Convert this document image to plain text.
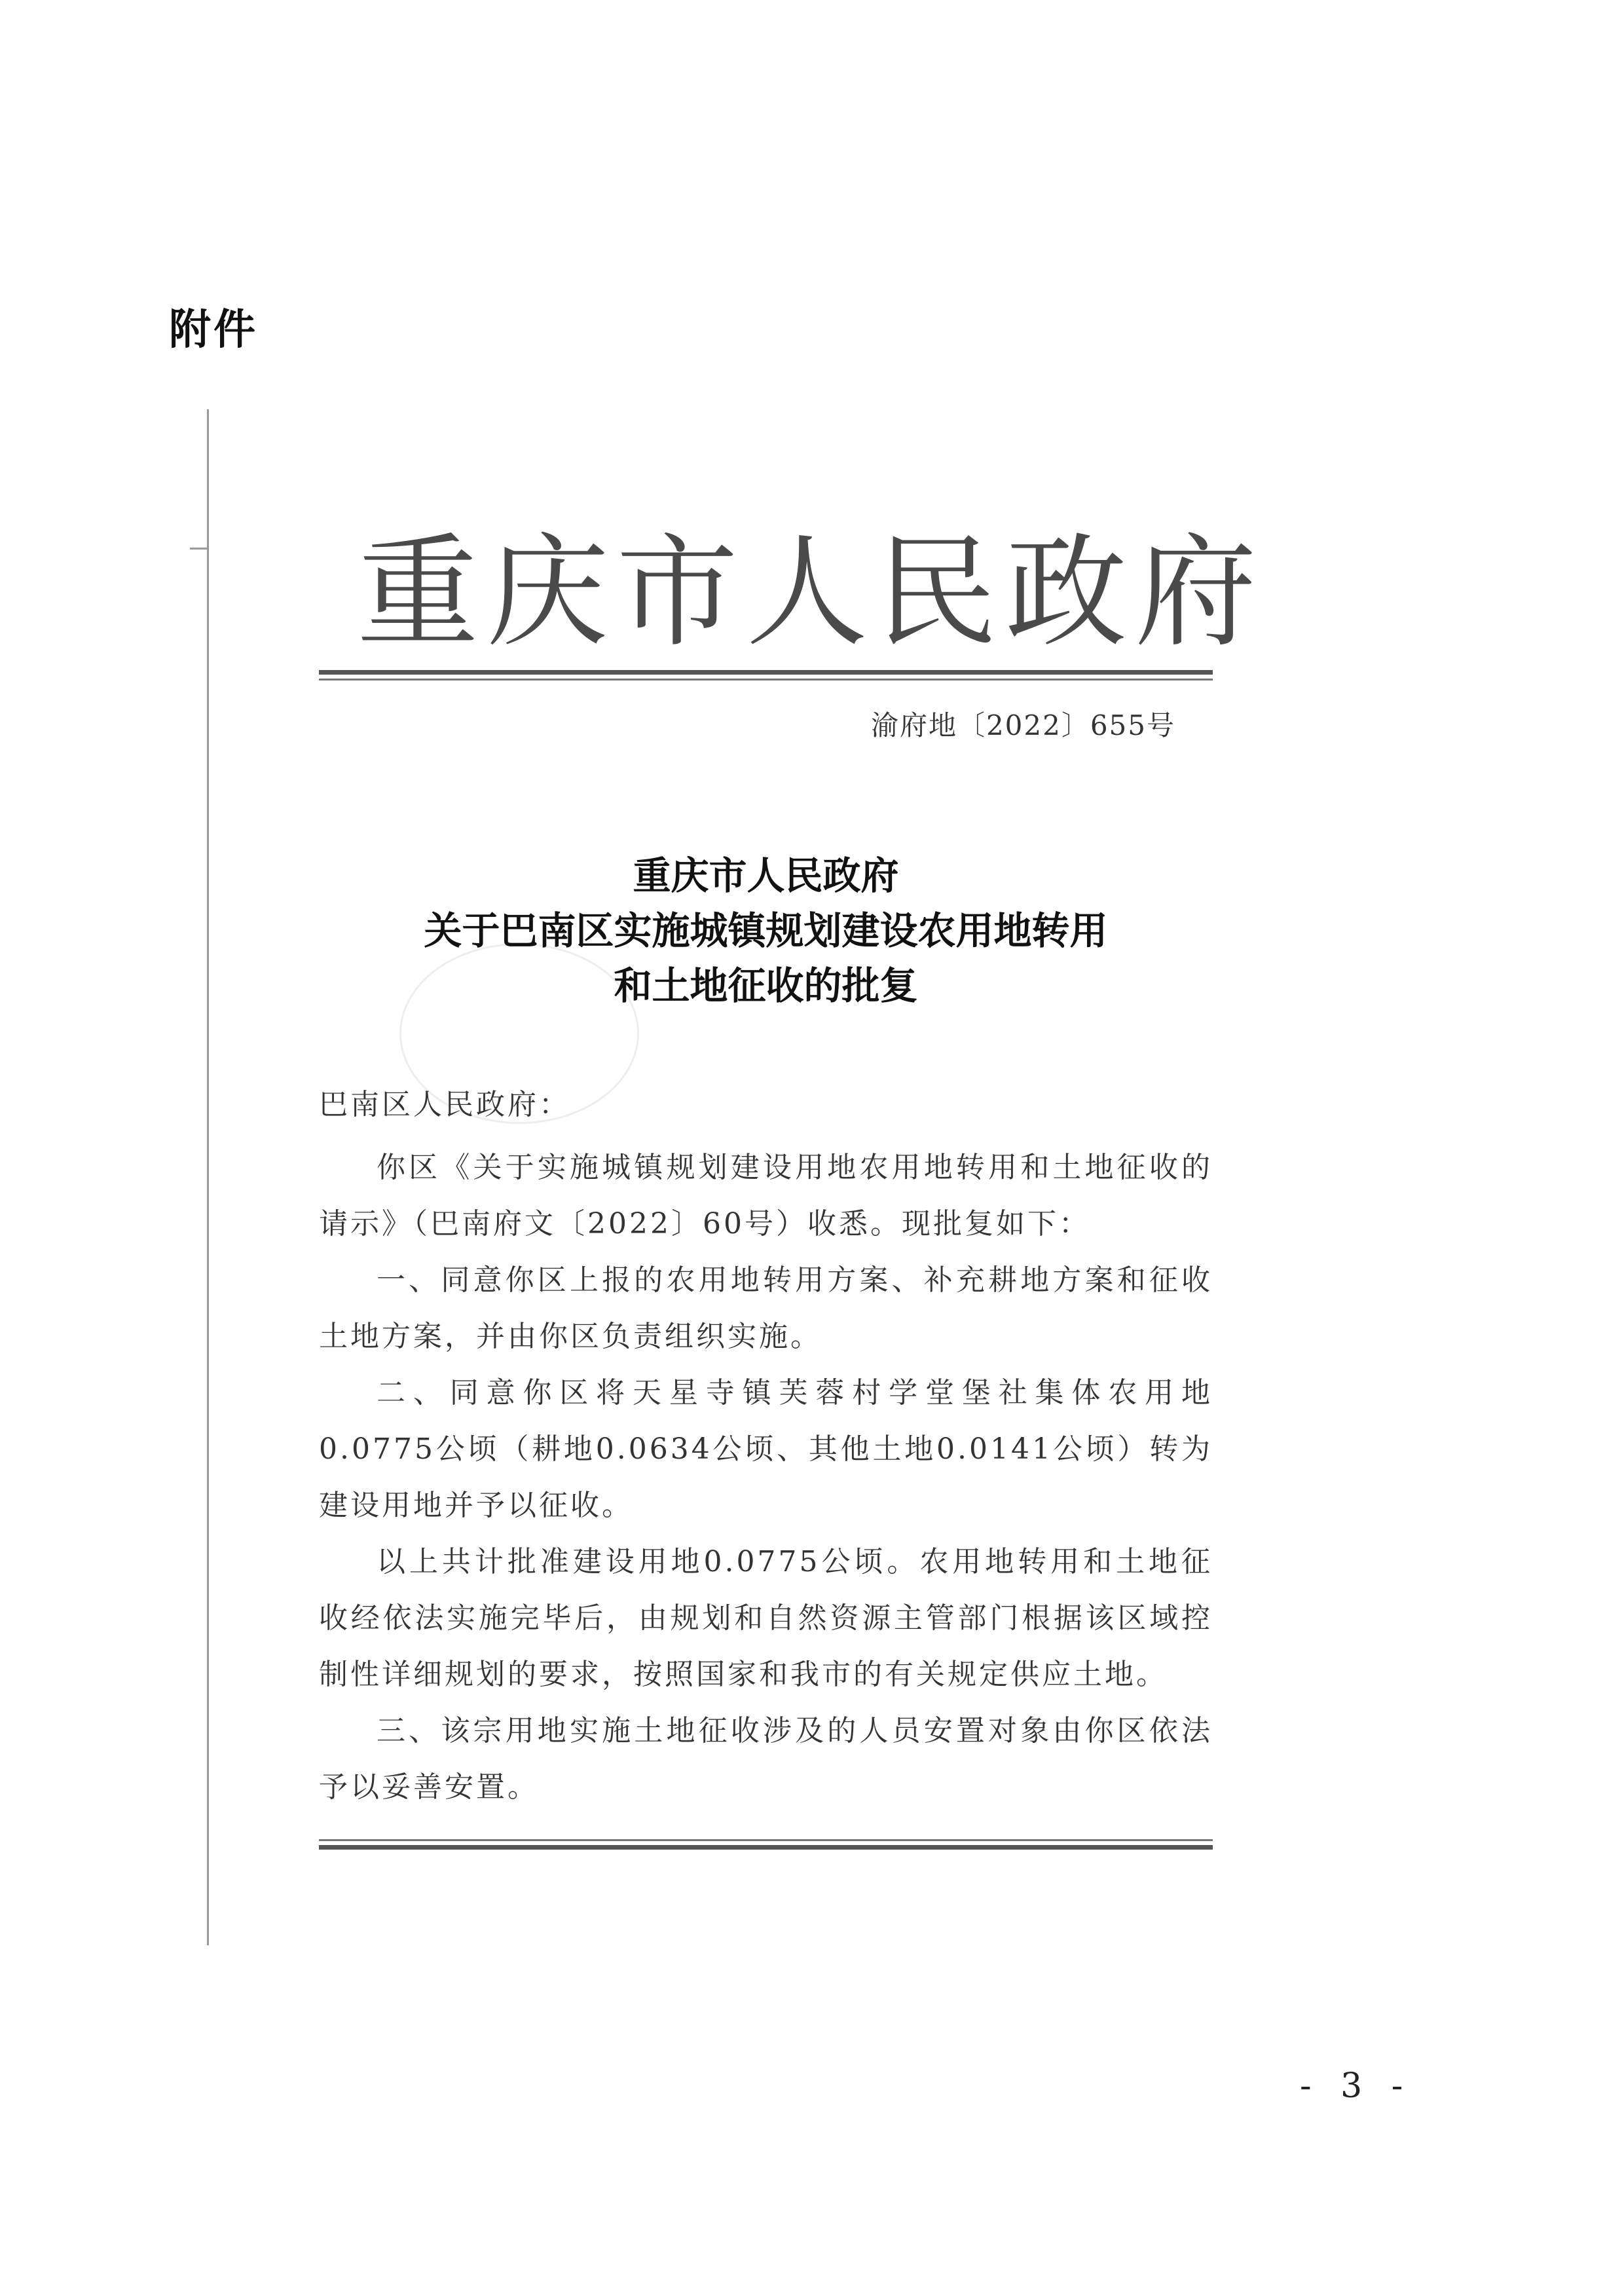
附件
重庆市人民政府
渝府地〔2022〕655号
重庆市人民政府
关于巴南区实施城镇规划建设农用地转用
和土地征收的批复
巴南区人民政府：

你区《关于实施城镇规划建设用地农用地转用和土地征收的请示》（巴南府文〔2022〕60号）收悉。现批复如下：

一、同意你区上报的农用地转用方案、补充耕地方案和征收土地方案，并由你区负责组织实施。

二、同意你区将天星寺镇芙蓉村学堂堡社集体农用地0.0775公顷（耕地0.0634公顷、其他土地0.0141公顷）转为建设用地并予以征收。

以上共计批准建设用地0.0775公顷。农用地转用和土地征收经依法实施完毕后，由规划和自然资源主管部门根据该区域控制性详细规划的要求，按照国家和我市的有关规定供应土地。

三、该宗用地实施土地征收涉及的人员安置对象由你区依法予以妥善安置。

- 3 -
